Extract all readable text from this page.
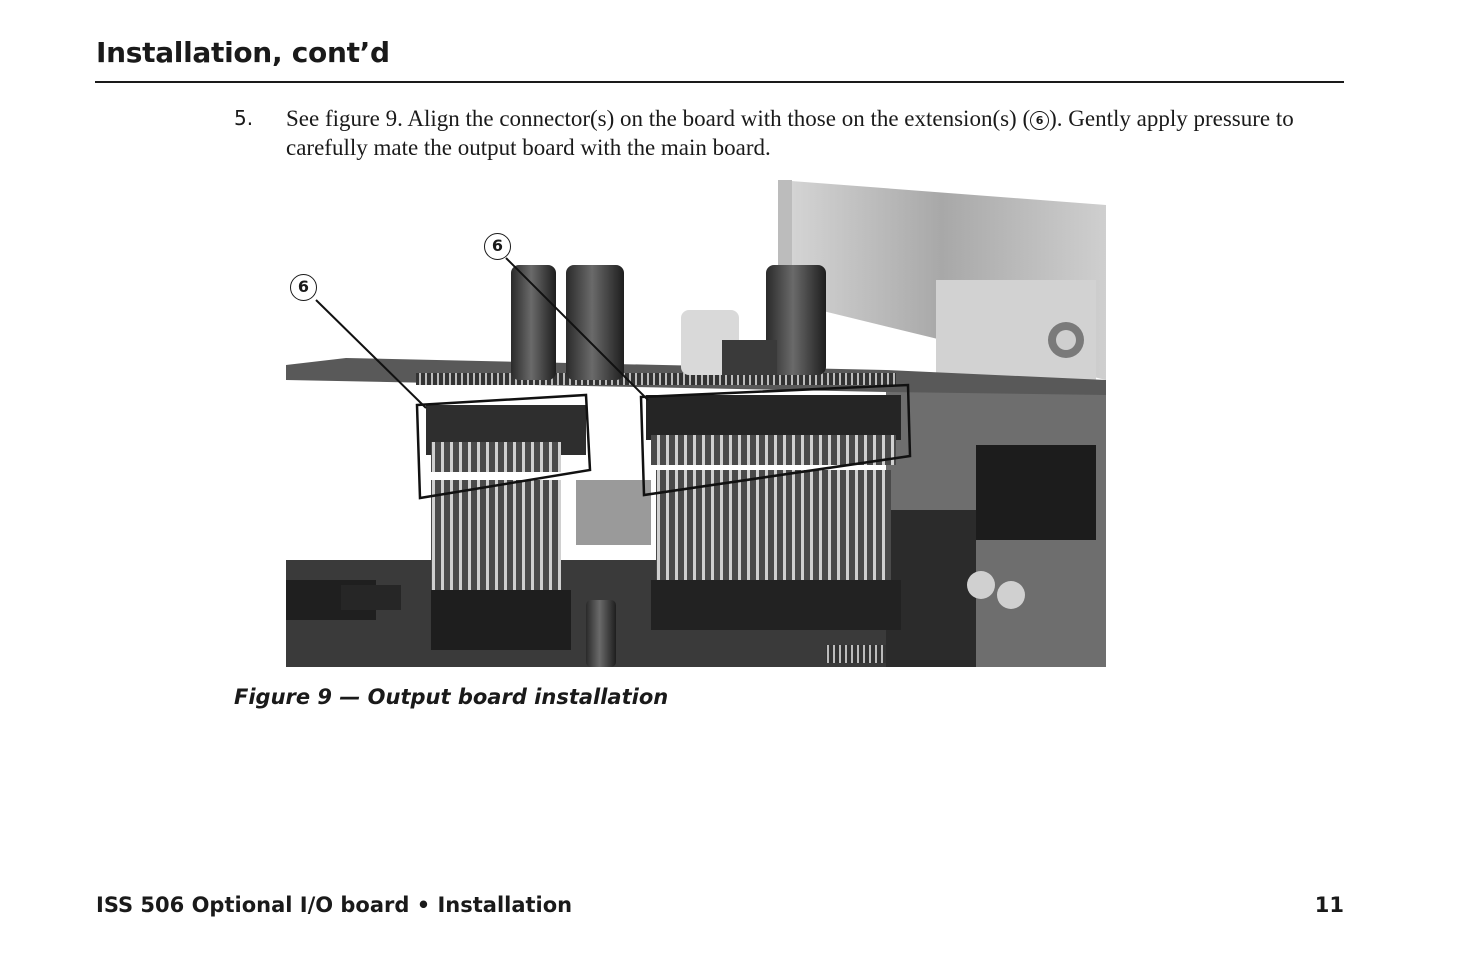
Installation, cont’d
5. See figure 9. Align the connector(s) on the board with those on the extension(s) ( 6 ). Gently apply pressure to carefully mate the output board with the main board.

6
6

Figure 9 — Output board installation

ISS 506 Optional I/O board • Installation	11
